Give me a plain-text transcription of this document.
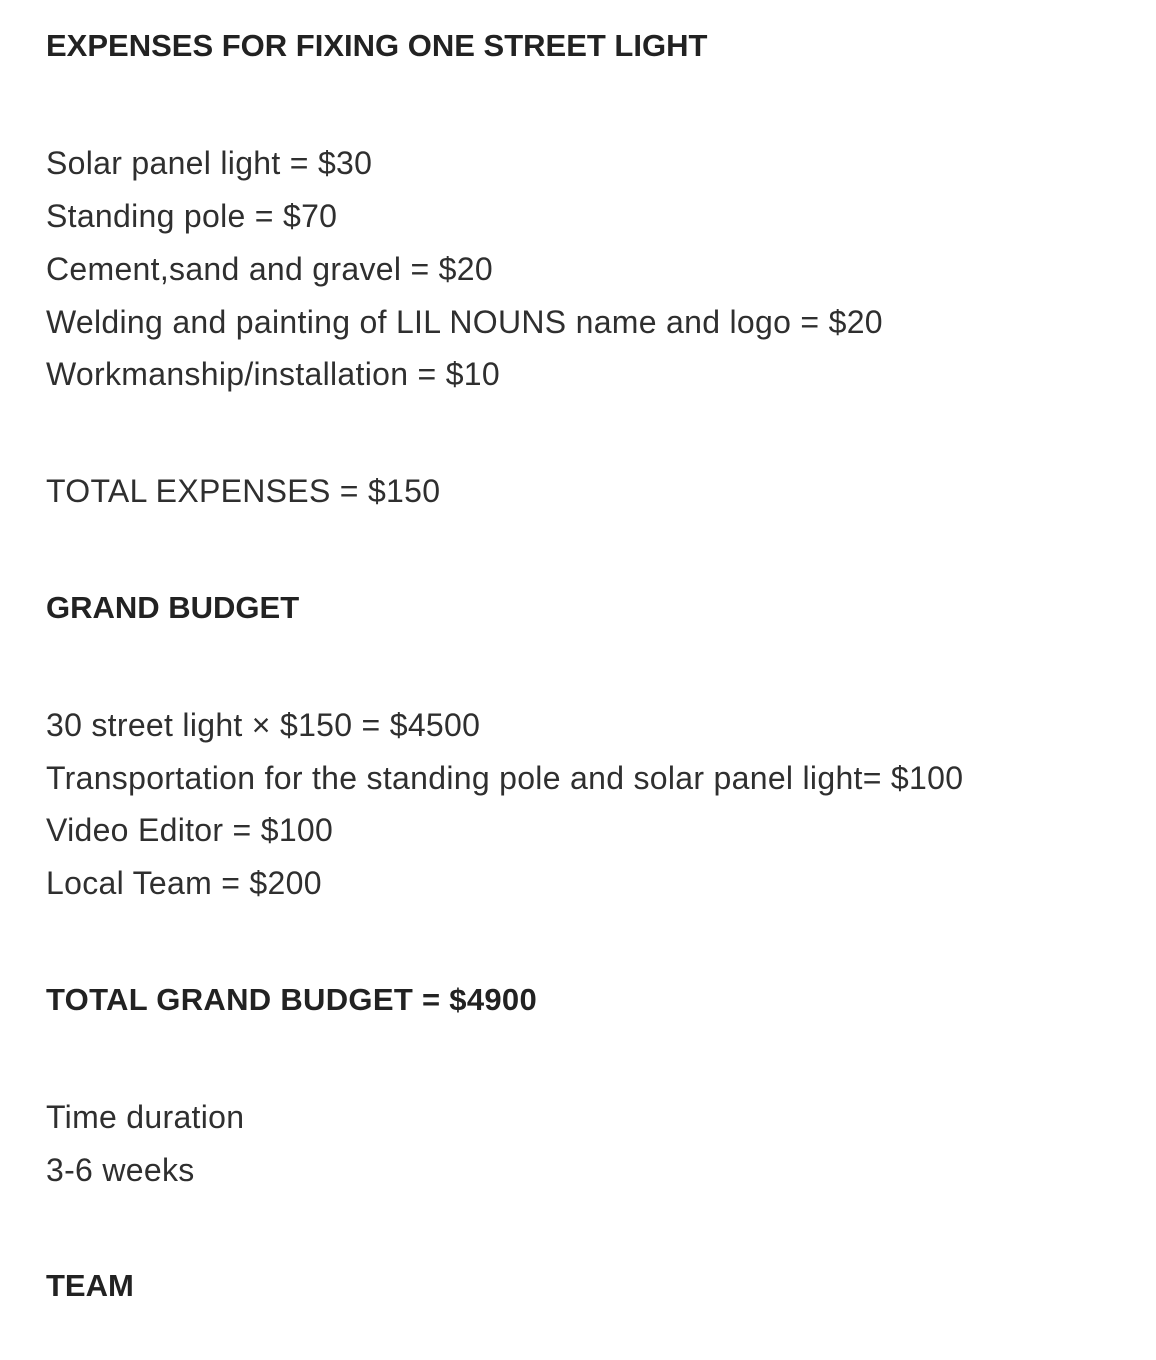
EXPENSES FOR FIXING ONE STREET LIGHT

Solar panel light = $30

Standing pole = $70

Cement,sand and gravel = $20

Welding and painting of LIL NOUNS name and logo = $20

Workmanship/installation = $10

TOTAL EXPENSES = $150

GRAND BUDGET

30 street light × $150 = $4500

Transportation for the standing pole and solar panel light= $100

Video Editor = $100

Local Team = $200

TOTAL GRAND BUDGET = $4900

Time duration

3-6 weeks

TEAM
